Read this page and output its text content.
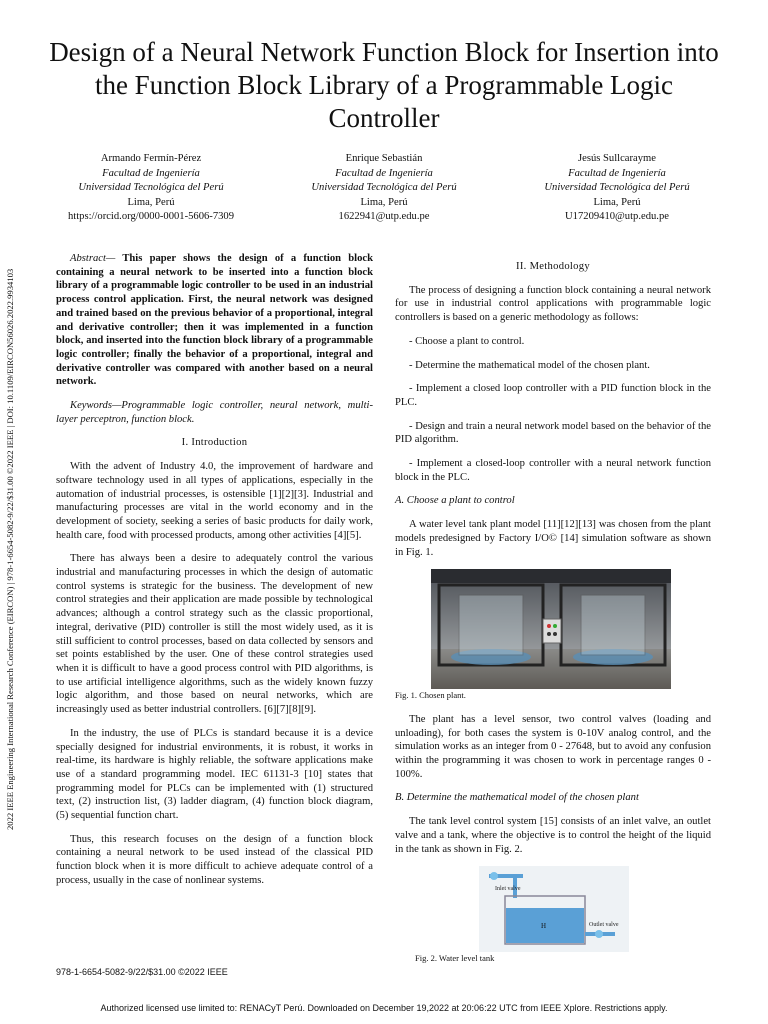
Design of a Neural Network Function Block for Insertion into the Function Block Library of a Programmable Logic Controller
Armando Fermín-Pérez
Facultad de Ingeniería
Universidad Tecnológica del Perú
Lima, Perú
https://orcid.org/0000-0001-5606-7309
Enrique Sebastián
Facultad de Ingeniería
Universidad Tecnológica del Perú
Lima, Perú
1622941@utp.edu.pe
Jesús Sullcarayme
Facultad de Ingeniería
Universidad Tecnológica del Perú
Lima, Perú
U17209410@utp.edu.pe
2022 IEEE Engineering International Research Conference (EIRCON) | 978-1-6654-5082-9/22/$31.00 ©2022 IEEE | DOI: 10.1109/EIRCON56026.2022.9934103

Abstract— This paper shows the design of a function block containing a neural network to be inserted into a function block library of a programmable logic controller to be used in an industrial process control application. First, the neural network was designed and trained based on the previous behavior of a proportional, integral and derivative controller; then it was implemented in a function block, and inserted into the function block library of a programmable logic controller; finally the behavior of a proportional, integral and derivative controller was compared with another based on a neural network.

Keywords—Programmable logic controller, neural network, multi-layer perceptron, function block.

I. Introduction

With the advent of Industry 4.0, the improvement of hardware and software technology used in all types of applications, especially in the automation of industrial processes, is ostensible [1][2][3]. Industrial and manufacturing processes are vital in the world economy and in the development of society, seeking a series of basic products for daily work, health care, food with processed products, among other activities [4][5].

There has always been a desire to adequately control the various industrial and manufacturing processes in which the design of automatic control systems is strategic for the business. The development of new control strategies and their application are made possible by technological advances; although a control strategy such as the classic proportional, integral, derivative (PID) controller is still the most widely used, as it is still sufficient to control processes, based on data collected by sensors and set points established by the user. One of these control strategies used when it is difficult to have a good process control with PID algorithms, is to use artificial intelligence algorithms, such as the widely known fuzzy logic algorithm, and those based on neural networks, which are increasingly used as better industrial controllers. [6][7][8][9].

In the industry, the use of PLCs is standard because it is a device specially designed for industrial environments, it is robust, it works in real-time, its hardware is highly reliable, the software applications make use of a standard programming model. IEC 61131-3 [10] states that programming model for PLCs can be implemented with (1) structured text, (2) instruction list, (3) ladder diagram, (4) function block diagram, (5) sequential function chart.

Thus, this research focuses on the design of a function block containing a neural network to be used instead of the classical PID function block when it is more difficult to achieve adequate control of a process, usually in the case of nonlinear systems.

II. Methodology

The process of designing a function block containing a neural network for use in industrial control applications with programmable logic controllers is based on a generic methodology as follows:

- Choose a plant to control.

- Determine the mathematical model of the chosen plant.

- Implement a closed loop controller with a PID function block in the PLC.

- Design and train a neural network model based on the behavior of the PID algorithm.

- Implement a closed-loop controller with a neural network function block in the PLC.

A. Choose a plant to control

A water level tank plant model [11][12][13] was chosen from the plant models predesigned by Factory I/O© [14] simulation software as shown in Fig. 1.

Fig. 1. Chosen plant.

The plant has a level sensor, two control valves (loading and unloading), for both cases the system is 0-10V analog control, and the simulation works as an integer from 0 - 27648, but to avoid any confusion within the programming it was chosen to work in percentage ranges 0 - 100%.

B. Determine the mathematical model of the chosen plant

The tank level control system [15] consists of an inlet valve, an outlet valve and a tank, where the objective is to control the height of the liquid in the tank as shown in Fig. 2.

Inlet valve
H	Outlet valve

Fig. 2. Water level tank

978-1-6654-5082-9/22/$31.00 ©2022 IEEE
Authorized licensed use limited to: RENACyT Perú. Downloaded on December 19,2022 at 20:06:22 UTC from IEEE Xplore. Restrictions apply.
